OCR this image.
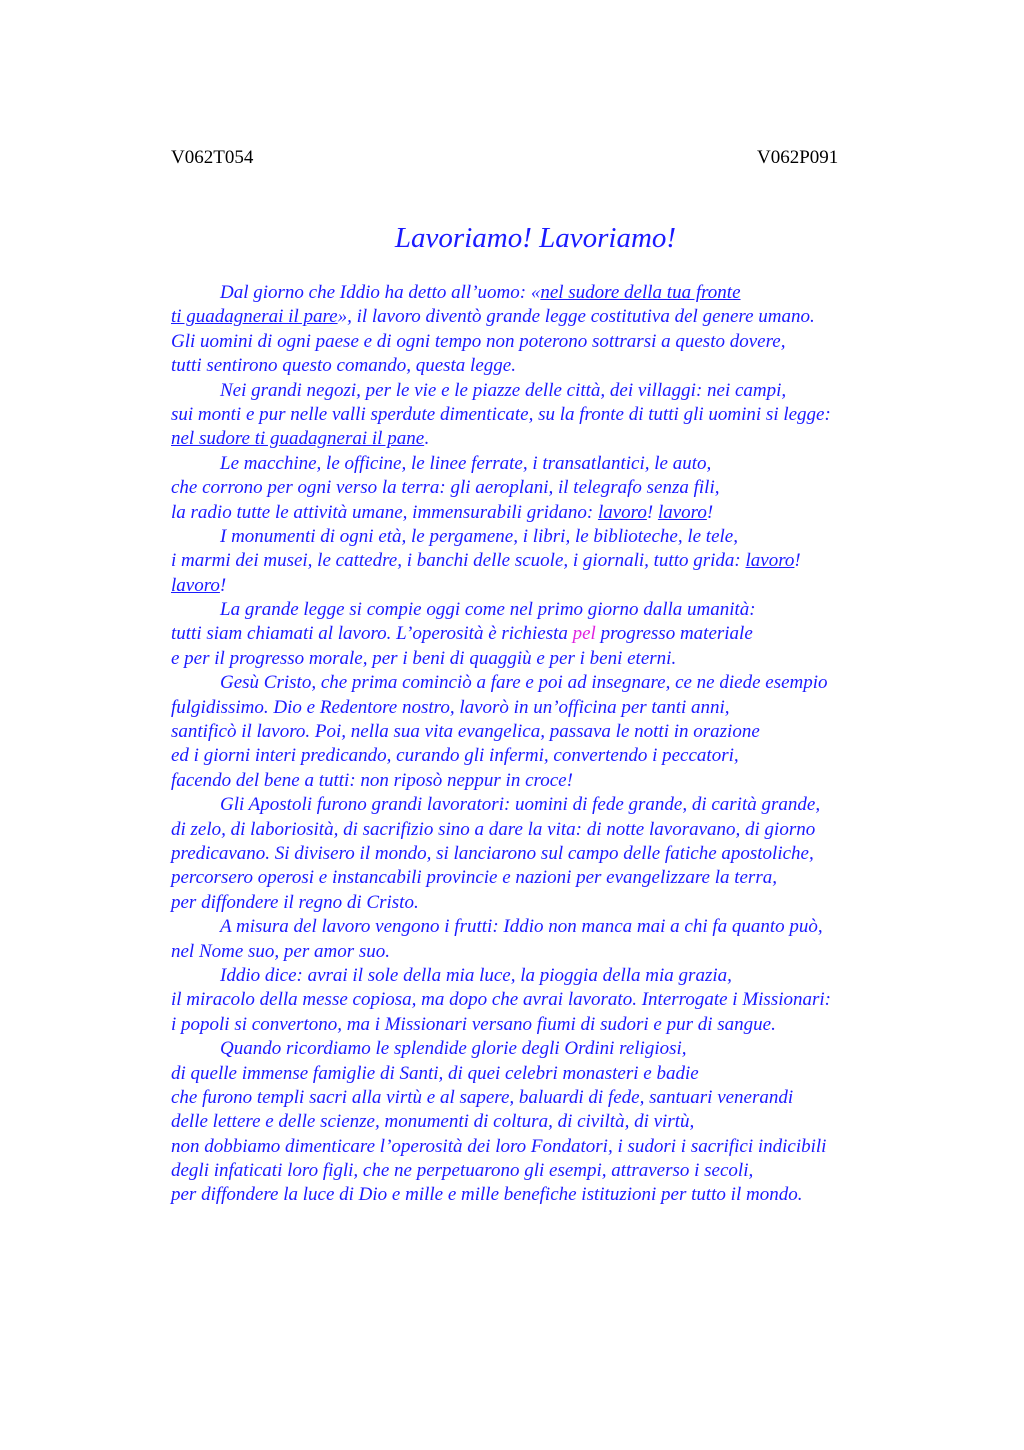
V062T054	V062P091
Lavoriamo! Lavoriamo!
Dal giorno che Iddio ha detto all’uomo: «nel sudore della tua fronte
ti guadagnerai il pare», il lavoro diventò grande legge costitutiva del genere umano.
Gli uomini di ogni paese e di ogni tempo non poterono sottrarsi a questo dovere,
tutti sentirono questo comando, questa legge.
Nei grandi negozi, per le vie e le piazze delle città, dei villaggi: nei campi,
sui monti e pur nelle valli sperdute dimenticate, su la fronte di tutti gli uomini si legge:
nel sudore ti guadagnerai il pane.
Le macchine, le officine, le linee ferrate, i transatlantici, le auto,
che corrono per ogni verso la terra: gli aeroplani, il telegrafo senza fili,
la radio tutte le attività umane, immensurabili gridano: lavoro! lavoro!
I monumenti di ogni età, le pergamene, i libri, le biblioteche, le tele,
i marmi dei musei, le cattedre, i banchi delle scuole, i giornali, tutto grida: lavoro!
lavoro!
La grande legge si compie oggi come nel primo giorno dalla umanità:
tutti siam chiamati al lavoro. L’operosità è richiesta pel progresso materiale
e per il progresso morale, per i beni di quaggiù e per i beni eterni.
Gesù Cristo, che prima cominciò a fare e poi ad insegnare, ce ne diede esempio
fulgidissimo. Dio e Redentore nostro, lavorò in un’officina per tanti anni,
santificò il lavoro. Poi, nella sua vita evangelica, passava le notti in orazione
ed i giorni interi predicando, curando gli infermi, convertendo i peccatori,
facendo del bene a tutti: non riposò neppur in croce!
Gli Apostoli furono grandi lavoratori: uomini di fede grande, di carità grande,
di zelo, di laboriosità, di sacrifizio sino a dare la vita: di notte lavoravano, di giorno
predicavano. Si divisero il mondo, si lanciarono sul campo delle fatiche apostoliche,
percorsero operosi e instancabili provincie e nazioni per evangelizzare la terra,
per diffondere il regno di Cristo.
A misura del lavoro vengono i frutti: Iddio non manca mai a chi fa quanto può,
nel Nome suo, per amor suo.
Iddio dice: avrai il sole della mia luce, la pioggia della mia grazia,
il miracolo della messe copiosa, ma dopo che avrai lavorato. Interrogate i Missionari:
i popoli si convertono, ma i Missionari versano fiumi di sudori e pur di sangue.
Quando ricordiamo le splendide glorie degli Ordini religiosi,
di quelle immense famiglie di Santi, di quei celebri monasteri e badie
che furono templi sacri alla virtù e al sapere, baluardi di fede, santuari venerandi
delle lettere e delle scienze, monumenti di coltura, di civiltà, di virtù,
non dobbiamo dimenticare l’operosità dei loro Fondatori, i sudori i sacrifici indicibili
degli infaticati loro figli, che ne perpetuarono gli esempi, attraverso i secoli,
per diffondere la luce di Dio e mille e mille benefiche istituzioni per tutto il mondo.
